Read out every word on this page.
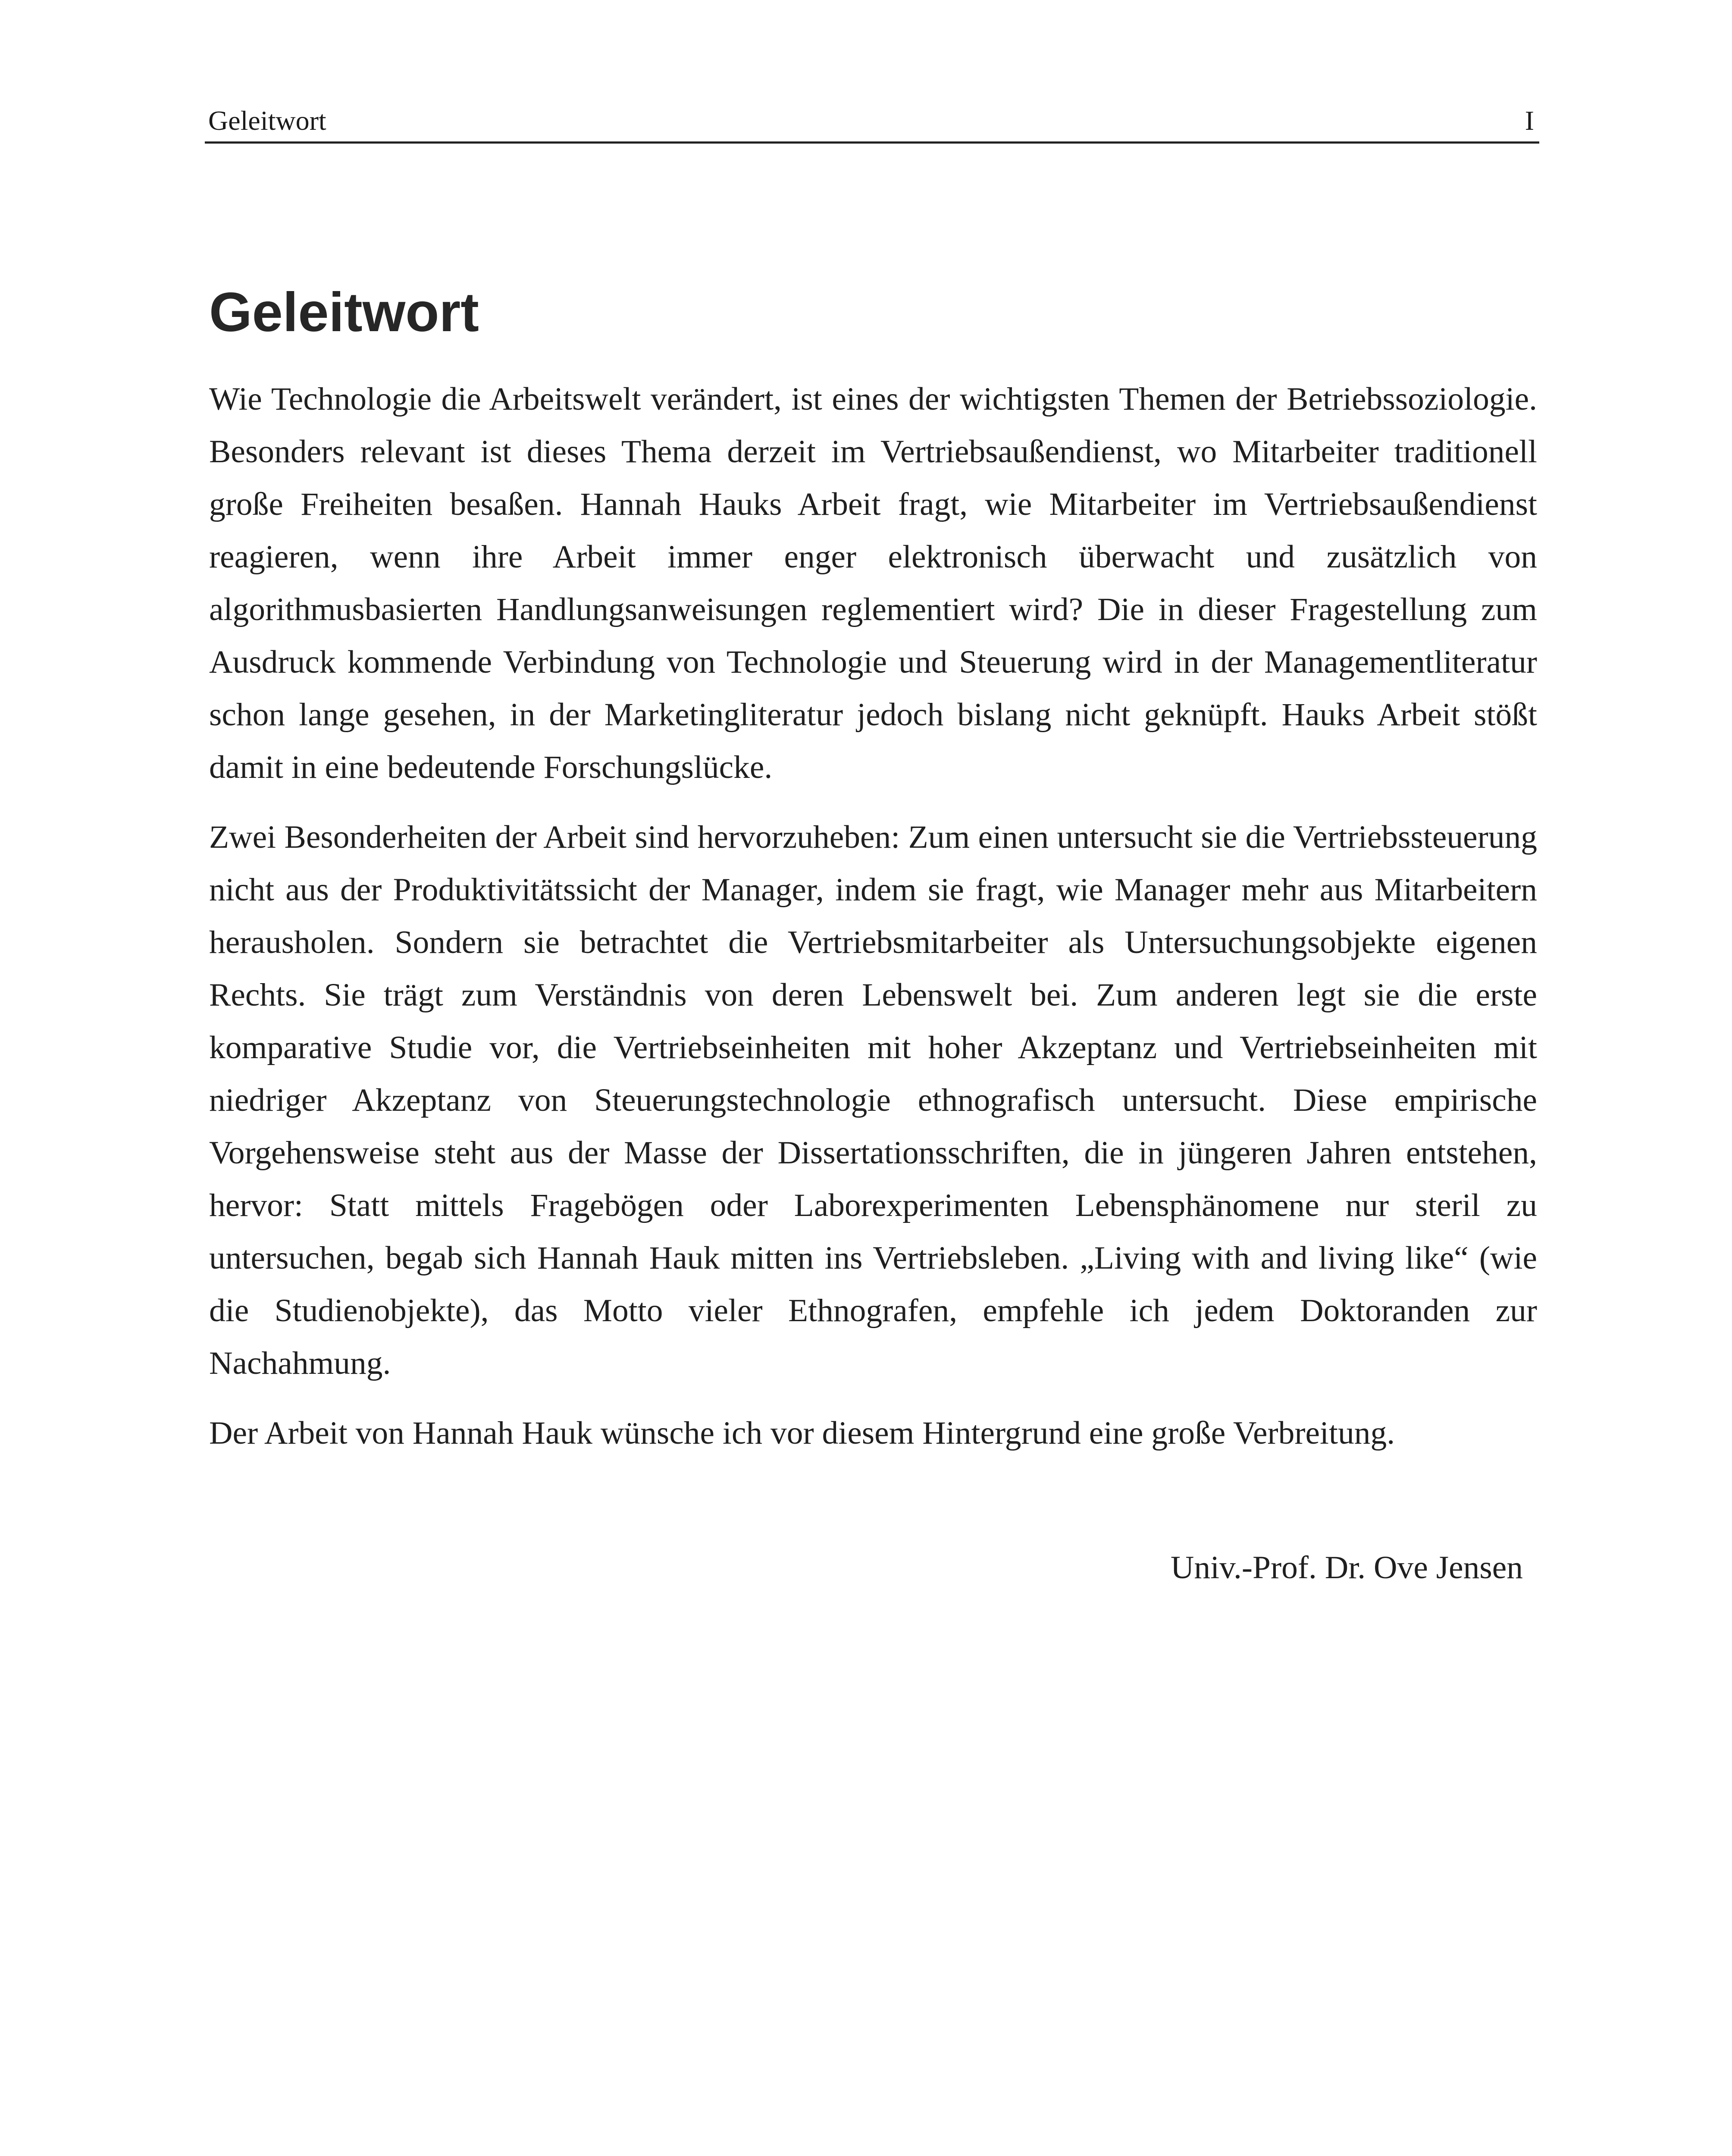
Geleitwort	I
Geleitwort

Wie Technologie die Arbeitswelt verändert, ist eines der wichtigsten Themen der Betriebssoziologie. Besonders relevant ist dieses Thema derzeit im Vertriebsaußendienst, wo Mitarbeiter traditionell große Freiheiten besaßen. Hannah Hauks Arbeit fragt, wie Mitarbeiter im Vertriebsaußendienst reagieren, wenn ihre Arbeit immer enger elektronisch überwacht und zusätzlich von algorithmusbasierten Handlungsanweisungen reglementiert wird? Die in dieser Fragestellung zum Ausdruck kommende Verbindung von Technologie und Steuerung wird in der Managementliteratur schon lange gesehen, in der Marketingliteratur jedoch bislang nicht geknüpft. Hauks Arbeit stößt damit in eine bedeutende Forschungslücke.

Zwei Besonderheiten der Arbeit sind hervorzuheben: Zum einen untersucht sie die Vertriebssteuerung nicht aus der Produktivitätssicht der Manager, indem sie fragt, wie Manager mehr aus Mitarbeitern herausholen. Sondern sie betrachtet die Vertriebsmitarbeiter als Untersuchungsobjekte eigenen Rechts. Sie trägt zum Verständnis von deren Lebenswelt bei. Zum anderen legt sie die erste komparative Studie vor, die Vertriebseinheiten mit hoher Akzeptanz und Vertriebseinheiten mit niedriger Akzeptanz von Steuerungstechnologie ethnografisch untersucht. Diese empirische Vorgehensweise steht aus der Masse der Dissertationsschriften, die in jüngeren Jahren entstehen, hervor: Statt mittels Fragebögen oder Laborexperimenten Lebensphänomene nur steril zu untersuchen, begab sich Hannah Hauk mitten ins Vertriebsleben. „Living with and living like“ (wie die Studienobjekte), das Motto vieler Ethnografen, empfehle ich jedem Doktoranden zur Nachahmung.

Der Arbeit von Hannah Hauk wünsche ich vor diesem Hintergrund eine große Verbreitung.

Univ.-Prof. Dr. Ove Jensen
